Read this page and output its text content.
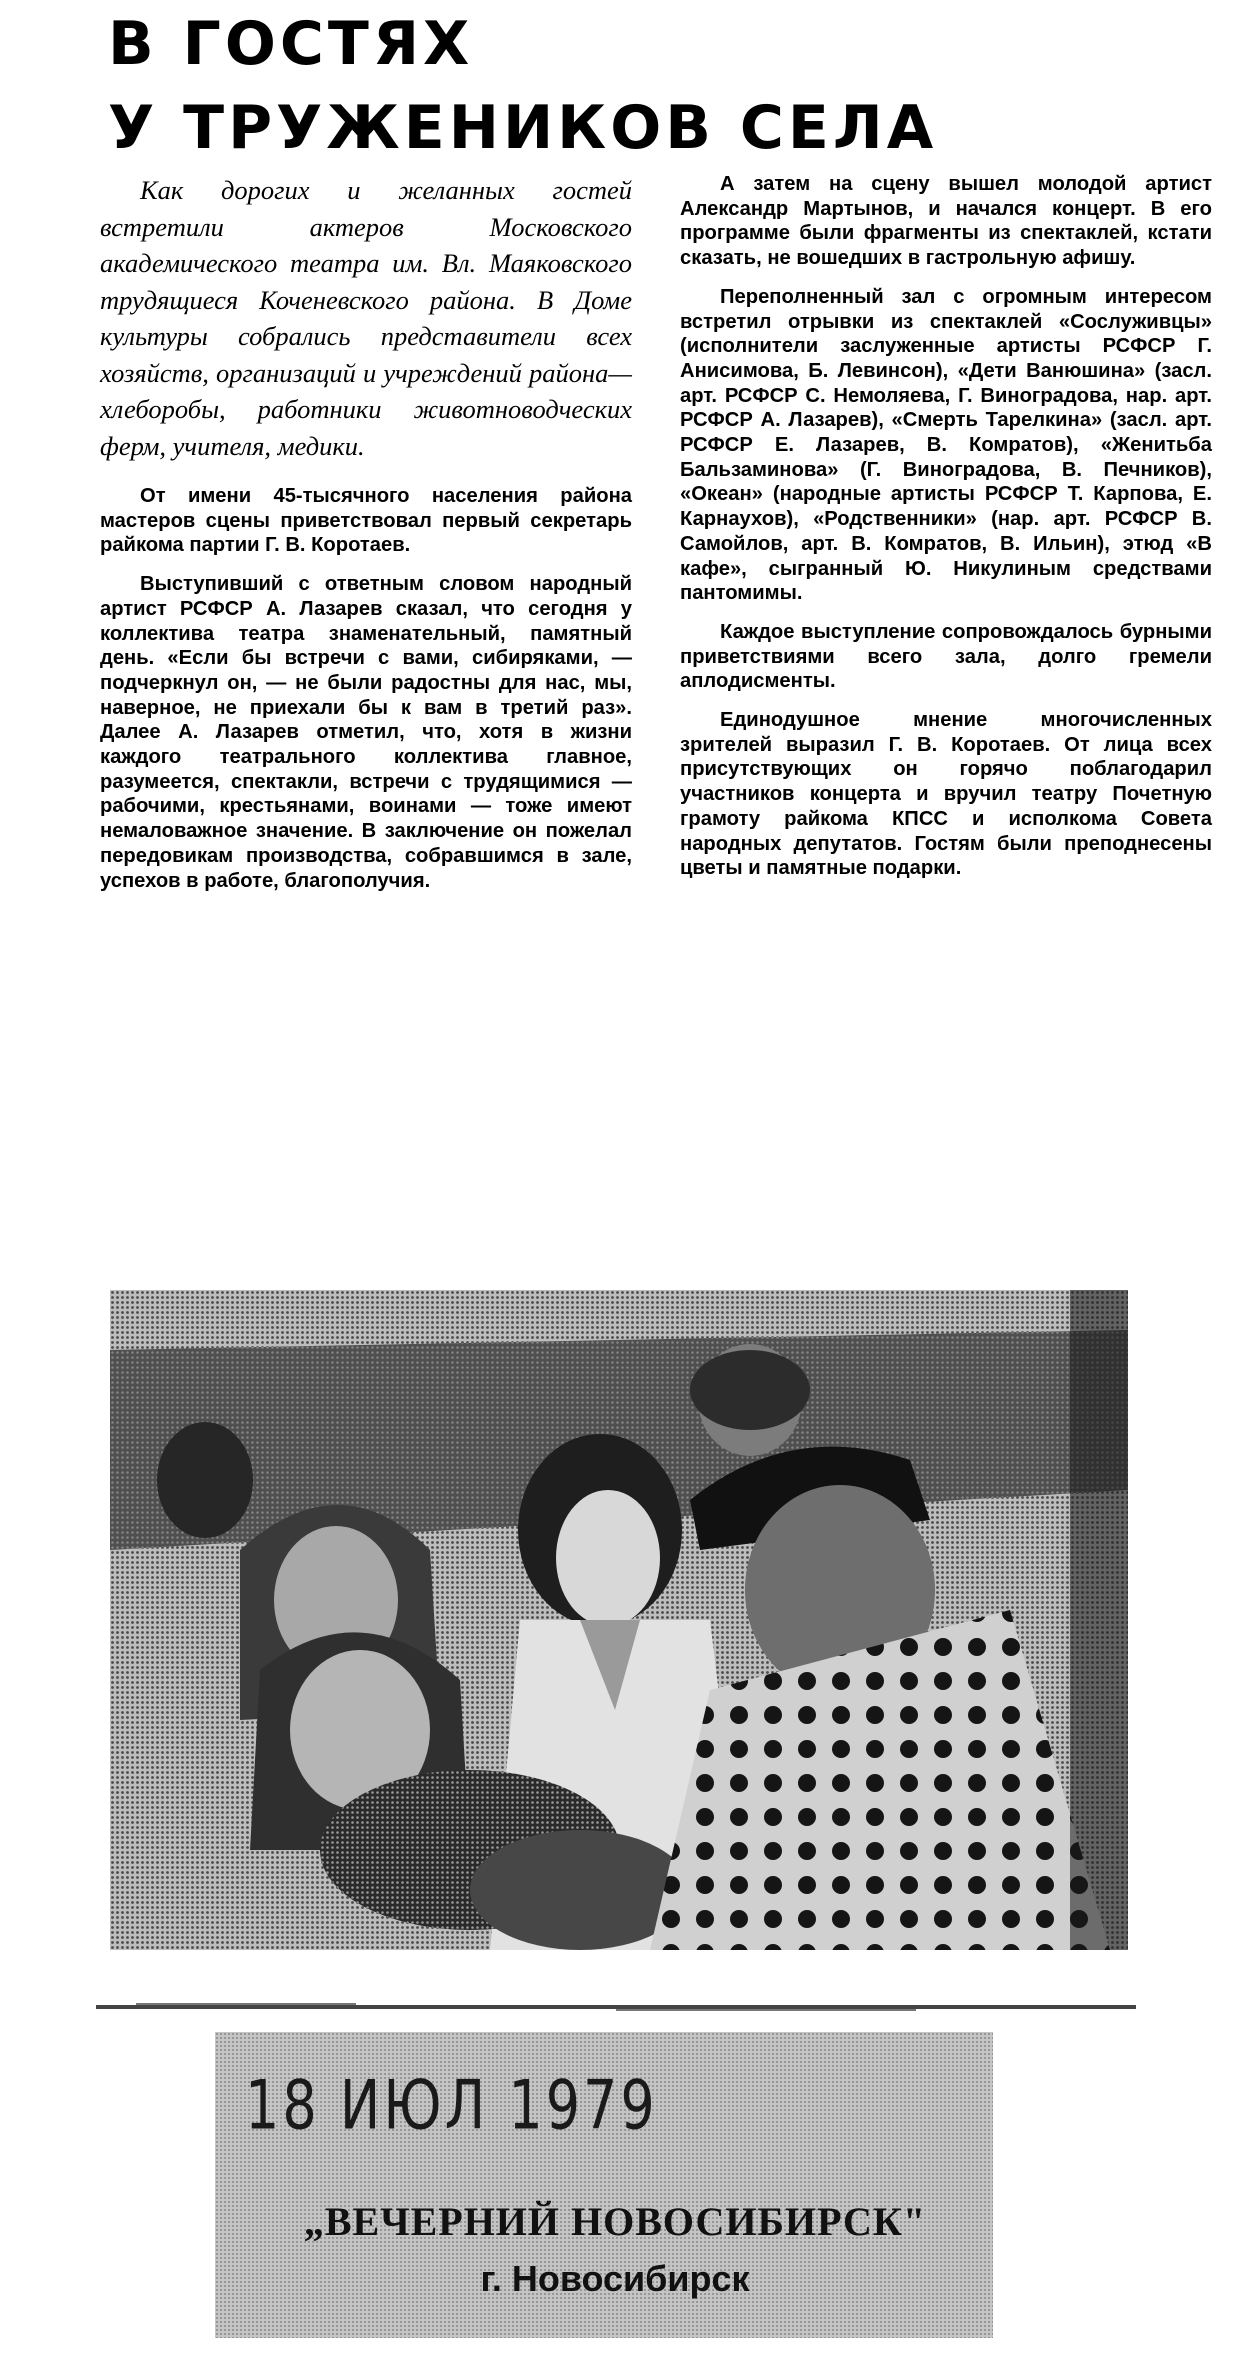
В ГОСТЯХ
У ТРУЖЕНИКОВ СЕЛА

Как дорогих и желанных гостей встретили актеров Московского академического театра им. Вл. Маяковского трудящиеся Коченевского района. В Доме культуры собрались представители всех хозяйств, организаций и учреждений района— хлеборобы, работники животноводческих ферм, учителя, медики.

От имени 45-тысячного населения района мастеров сцены приветствовал первый секретарь райкома партии Г. В. Коротаев.

Выступивший с ответным словом народный артист РСФСР А. Лазарев сказал, что сегодня у коллектива театра знаменательный, памятный день. «Если бы встречи с вами, сибиряками, — подчеркнул он, — не были радостны для нас, мы, наверное, не приехали бы к вам в третий раз». Далее А. Лазарев отметил, что, хотя в жизни каждого театрального коллектива главное, разумеется, спектакли, встречи с трудящимися — рабочими, крестьянами, воинами — тоже имеют немаловажное значение. В заключение он пожелал передовикам производства, собравшимся в зале, успехов в работе, благополучия.

А затем на сцену вышел молодой артист Александр Мартынов, и начался концерт. В его программе были фрагменты из спектаклей, кстати сказать, не вошедших в гастрольную афишу.

Переполненный зал с огромным интересом встретил отрывки из спектаклей «Сослуживцы» (исполнители заслуженные артисты РСФСР Г. Анисимова, Б. Левинсон), «Дети Ванюшина» (засл. арт. РСФСР С. Немоляева, Г. Виноградова, нар. арт. РСФСР А. Лазарев), «Смерть Тарелкина» (засл. арт. РСФСР Е. Лазарев, В. Комратов), «Женитьба Бальзаминова» (Г. Виноградова, В. Печников), «Океан» (народные артисты РСФСР Т. Карпова, Е. Карнаухов), «Родственники» (нар. арт. РСФСР В. Самойлов, арт. В. Комратов, В. Ильин), этюд «В кафе», сыгранный Ю. Никулиным средствами пантомимы.

Каждое выступление сопровождалось бурными приветствиями всего зала, долго гремели аплодисменты.

Единодушное мнение многочисленных зрителей выразил Г. В. Коротаев. От лица всех присутствующих он горячо поблагодарил участников концерта и вручил театру Почетную грамоту райкома КПСС и исполкома Совета народных депутатов. Гостям были преподнесены цветы и памятные подарки.

18 ИЮЛ 1979
„ВЕЧЕРНИЙ НОВОСИБИРСК"
г. Новосибирск
